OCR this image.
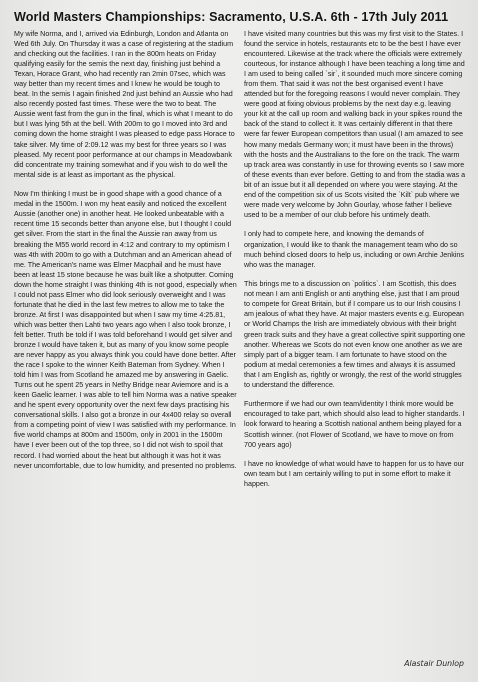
World Masters Championships: Sacramento, U.S.A. 6th - 17th July 2011

My wife Norma, and I, arrived via Edinburgh, London and Atlanta on Wed 6th July. On Thursday it was a case of registering at the stadium and checking out the facilities. I ran in the 800m heats on Friday qualifying easily for the semis the next day, finishing just behind a Texan, Horace Grant, who had recently ran 2min 07sec, which was way better than my recent times and I knew he would be tough to beat. In the semis I again finished 2nd just behind an Aussie who had also recently posted fast times. These were the two to beat. The Aussie went fast from the gun in the final, which is what I meant to do but I was lying 5th at the bell. With 200m to go I moved into 3rd and coming down the home straight I was pleased to edge pass Horace to take silver. My time of 2:09.12 was my best for three years so I was pleased. My recent poor performance at our champs in Meadowbank did concentrate my training somewhat and if you wish to do well the mental side is at least as important as the physical.

Now I'm thinking I must be in good shape with a good chance of a medal in the 1500m. I won my heat easily and noticed the excellent Aussie (another one) in another heat. He looked unbeatable with a recent time 15 seconds better than anyone else, but I thought I could get silver. From the start in the final the Aussie ran away from us breaking the M55 world record in 4:12 and contrary to my optimism I was 4th with 200m to go with a Dutchman and an American ahead of me. The American's name was Elmer Macphail and he must have been at least 15 stone because he was built like a shotputter. Coming down the home straight I was thinking 4th is not good, especially when I could not pass Elmer who did look seriously overweight and I was fortunate that he died in the last few metres to allow me to take the bronze. At first I was disappointed but when I saw my time 4:25.81, which was better then Lahti two years ago when I also took bronze, I felt better. Truth be told if I was told beforehand I would get silver and bronze I would have taken it, but as many of you know some people are never happy as you always think you could have done better. After the race I spoke to the winner Keith Bateman from Sydney. When I told him I was from Scotland he amazed me by answering in Gaelic. Turns out he spent 25 years in Nethy Bridge near Aviemore and is a keen Gaelic learner. I was able to tell him Norma was a native speaker and he spent every opportunity over the next few days practising his conversational skills. I also got a bronze in our 4x400 relay so overall from a competing point of view I was satisfied with my performance. In five world champs at 800m and 1500m, only in 2001 in the 1500m have I ever been out of the top three, so I did not wish to spoil that record. I had worried about the heat but although it was hot it was never uncomfortable, due to low humidity, and presented no problems.

I have visited many countries but this was my first visit to the States. I found the service in hotels, restaurants etc to be the best I have ever encountered. Likewise at the track where the officials were extremely courteous, for instance although I have been teaching a long time and I am used to being called `sir`, it sounded much more sincere coming from them. That said it was not the best organised event I have attended but for the foregoing reasons I would never complain. They were good at fixing obvious problems by the next day e.g. leaving your kit at the call up room and walking back in your spikes round the back of the stand to collect it. It was certainly different in that there were far fewer European competitors than usual (I am amazed to see how many medals Germany won; it must have been in the throws) with the hosts and the Australians to the fore on the track. The warm up track area was constantly in use for throwing events so I saw more of these events than ever before. Getting to and from the stadia was a bit of an issue but it all depended on where you were staying. At the end of the competition six of us Scots visited the `Kilt` pub where we were made very welcome by John Gourlay, whose father I believe used to be a member of our club before his untimely death.

I only had to compete here, and knowing the demands of organization, I would like to thank the management team who do so much behind closed doors to help us, including or own Archie Jenkins who was the manager.

This brings me to a discussion on `politics`. I am Scottish, this does not mean I am anti English or anti anything else, just that I am proud to compete for Great Britain, but if I compare us to our Irish cousins I am jealous of what they have. At major masters events e.g. European or World Champs the Irish are immediately obvious with their bright green track suits and they have a great collective spirit supporting one another. Whereas we Scots do not even know one another as we are simply part of a bigger team. I am fortunate to have stood on the podium at medal ceremonies a few times and always it is assumed that I am English as, rightly or wrongly, the rest of the world struggles to understand the difference.

Furthermore if we had our own team/identity I think more would be encouraged to take part, which should also lead to higher standards. I look forward to hearing a Scottish national anthem being played for a Scottish winner. (not Flower of Scotland, we have to move on from 700 years ago)

I have no knowledge of what would have to happen for us to have our own team but I am certainly willing to put in some effort to make it happen.

Alastair Dunlop
